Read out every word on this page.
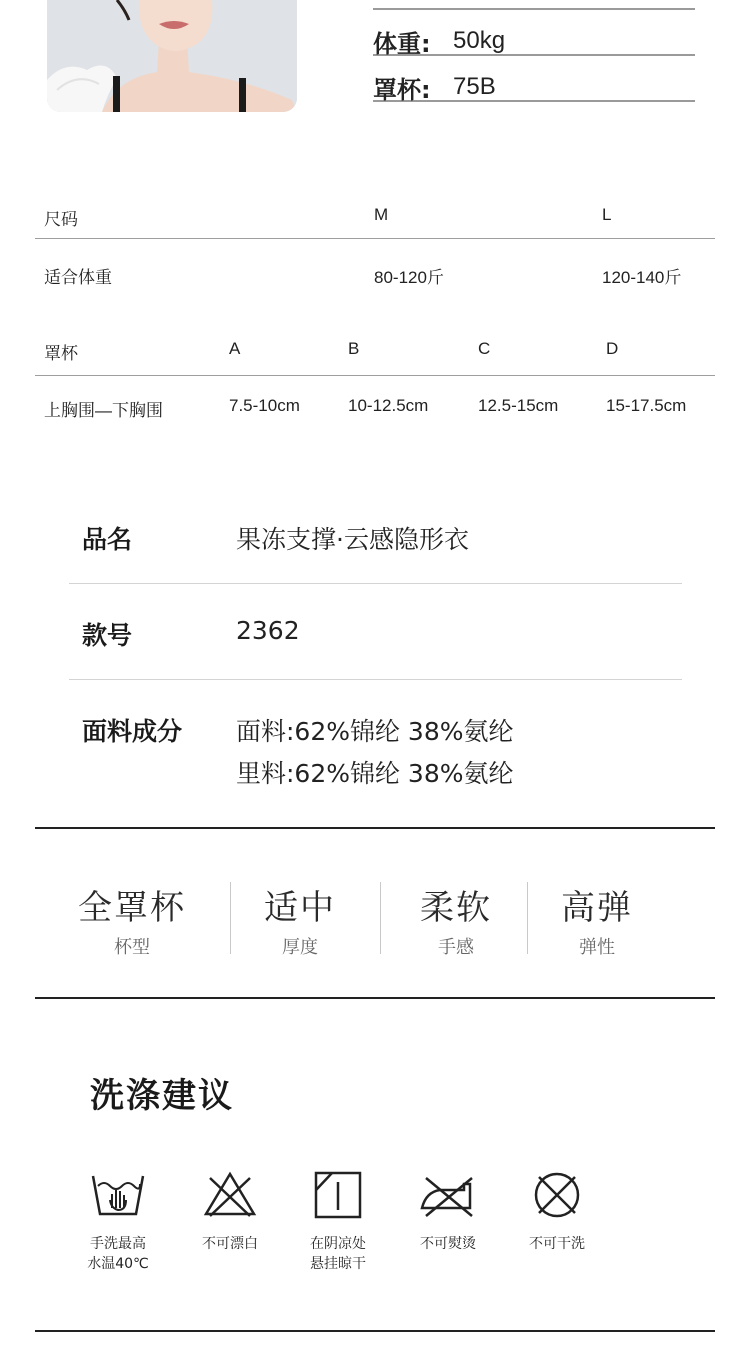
体重: 50kg
罩杯: 75B
尺码	M	L
适合体重	80-120斤	120-140斤
罩杯	A	B	C	D
上胸围—下胸围	7.5-10cm	10-12.5cm	12.5-15cm	15-17.5cm
品名	果冻支撑·云感隐形衣
款号	2362
面料成分 面料:62%锦纶 38%氨纶
里料:62%锦纶 38%氨纶
全罩杯
杯型
适中
厚度
柔软
手感
高弹
弹性
洗涤建议
手洗最高
水温40℃
不可漂白	在阴凉处
悬挂晾干
不可熨烫	不可干洗
